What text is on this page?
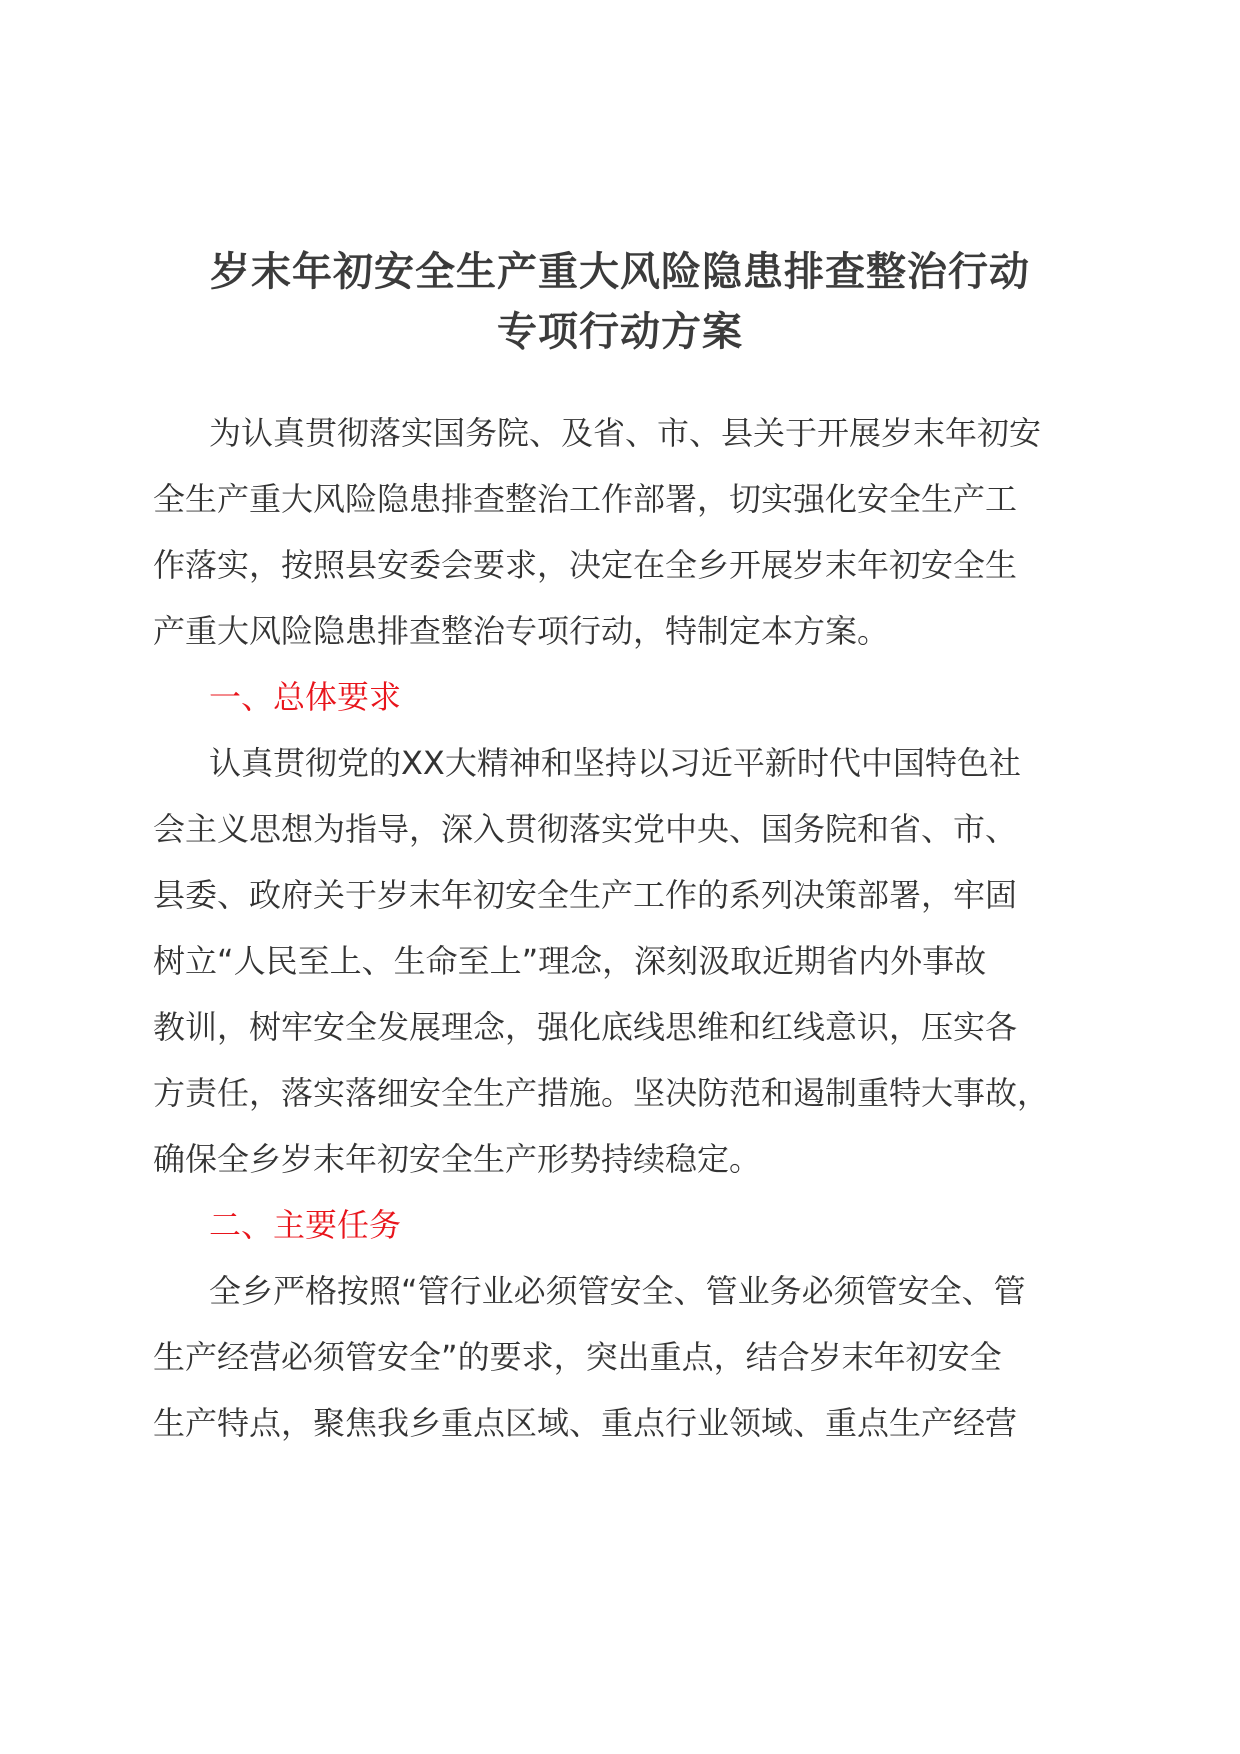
岁末年初安全生产重大风险隐患排查整治行动
专项行动方案
为认真贯彻落实国务院、及省、市、县关于开展岁末年初安
全生产重大风险隐患排查整治工作部署，切实强化安全生产工
作落实，按照县安委会要求，决定在全乡开展岁末年初安全生
产重大风险隐患排查整治专项行动，特制定本方案。
一、总体要求
认真贯彻党的XX大精神和坚持以习近平新时代中国特色社
会主义思想为指导，深入贯彻落实党中央、国务院和省、市、
县委、政府关于岁末年初安全生产工作的系列决策部署，牢固
树立“人民至上、生命至上”理念，深刻汲取近期省内外事故
教训，树牢安全发展理念，强化底线思维和红线意识，压实各
方责任，落实落细安全生产措施。坚决防范和遏制重特大事故，
确保全乡岁末年初安全生产形势持续稳定。
二、主要任务
全乡严格按照“管行业必须管安全、管业务必须管安全、管
生产经营必须管安全”的要求，突出重点，结合岁末年初安全
生产特点，聚焦我乡重点区域、重点行业领域、重点生产经营
